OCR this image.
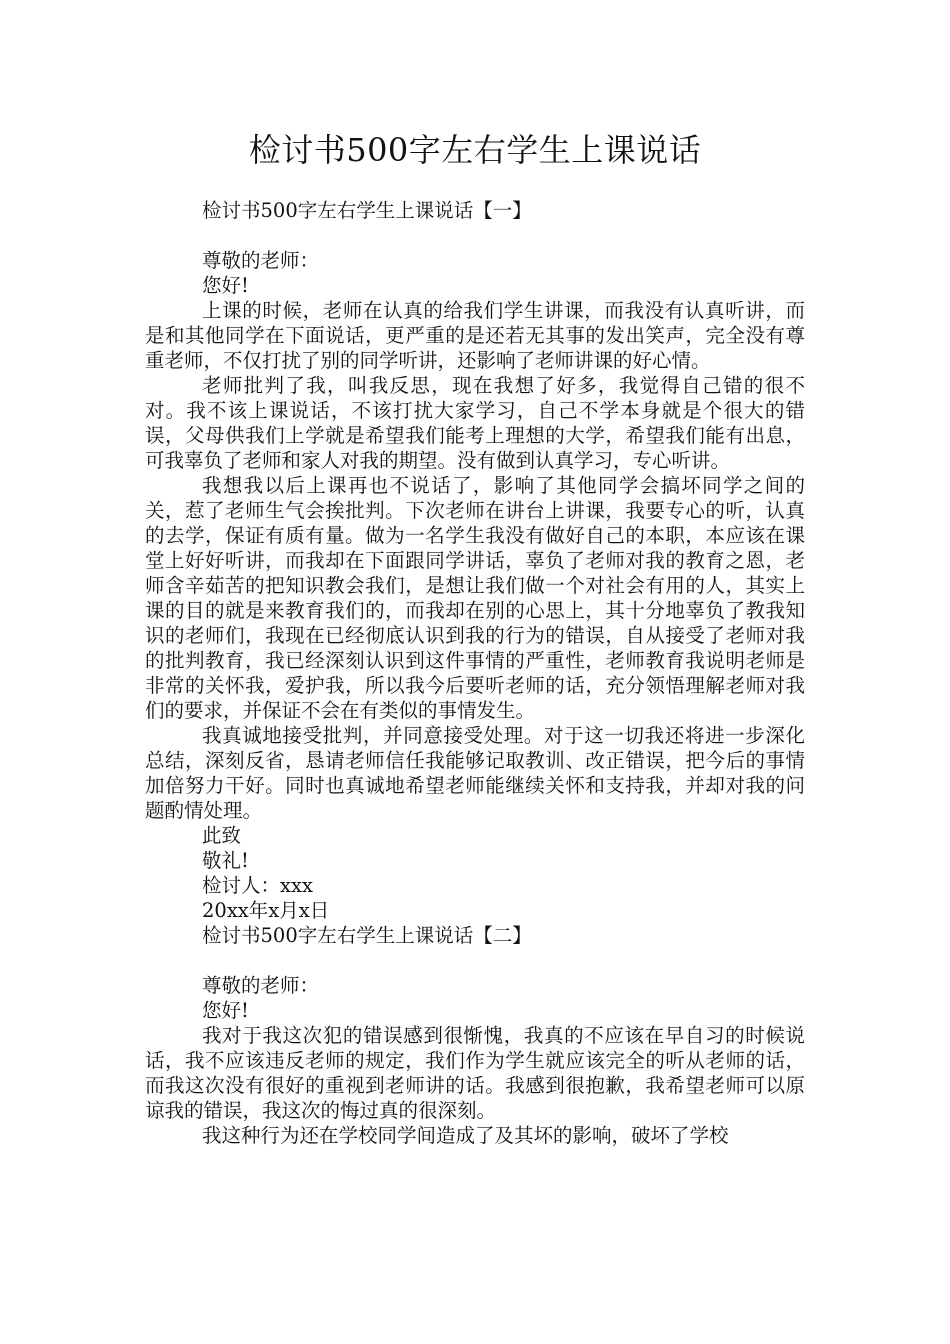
检讨书500字左右学生上课说话

检讨书500字左右学生上课说话【一】

尊敬的老师：

您好!

上课的时候，老师在认真的给我们学生讲课，而我没有认真听讲，而是和其他同学在下面说话，更严重的是还若无其事的发出笑声，完全没有尊重老师，不仅打扰了别的同学听讲，还影响了老师讲课的好心情。

老师批判了我，叫我反思，现在我想了好多，我觉得自己错的很不对。我不该上课说话，不该打扰大家学习，自己不学本身就是个很大的错误，父母供我们上学就是希望我们能考上理想的大学，希望我们能有出息，可我辜负了老师和家人对我的期望。没有做到认真学习，专心听讲。

我想我以后上课再也不说话了，影响了其他同学会搞坏同学之间的关，惹了老师生气会挨批判。下次老师在讲台上讲课，我要专心的听，认真的去学，保证有质有量。做为一名学生我没有做好自己的本职，本应该在课堂上好好听讲，而我却在下面跟同学讲话，辜负了老师对我的教育之恩，老师含辛茹苦的把知识教会我们，是想让我们做一个对社会有用的人，其实上课的目的就是来教育我们的，而我却在别的心思上，其十分地辜负了教我知识的老师们，我现在已经彻底认识到我的行为的错误，自从接受了老师对我的批判教育，我已经深刻认识到这件事情的严重性，老师教育我说明老师是非常的关怀我，爱护我，所以我今后要听老师的话，充分领悟理解老师对我们的要求，并保证不会在有类似的事情发生。

我真诚地接受批判，并同意接受处理。对于这一切我还将进一步深化总结，深刻反省，恳请老师信任我能够记取教训、改正错误，把今后的事情加倍努力干好。同时也真诚地希望老师能继续关怀和支持我，并却对我的问题酌情处理。

此致

敬礼!

检讨人：xxx

20xx年x月x日

检讨书500字左右学生上课说话【二】

尊敬的老师：

您好!

我对于我这次犯的错误感到很惭愧，我真的不应该在早自习的时候说话，我不应该违反老师的规定，我们作为学生就应该完全的听从老师的话，而我这次没有很好的重视到老师讲的话。我感到很抱歉，我希望老师可以原谅我的错误，我这次的悔过真的很深刻。

我这种行为还在学校同学间造成了及其坏的影响，破坏了学校
